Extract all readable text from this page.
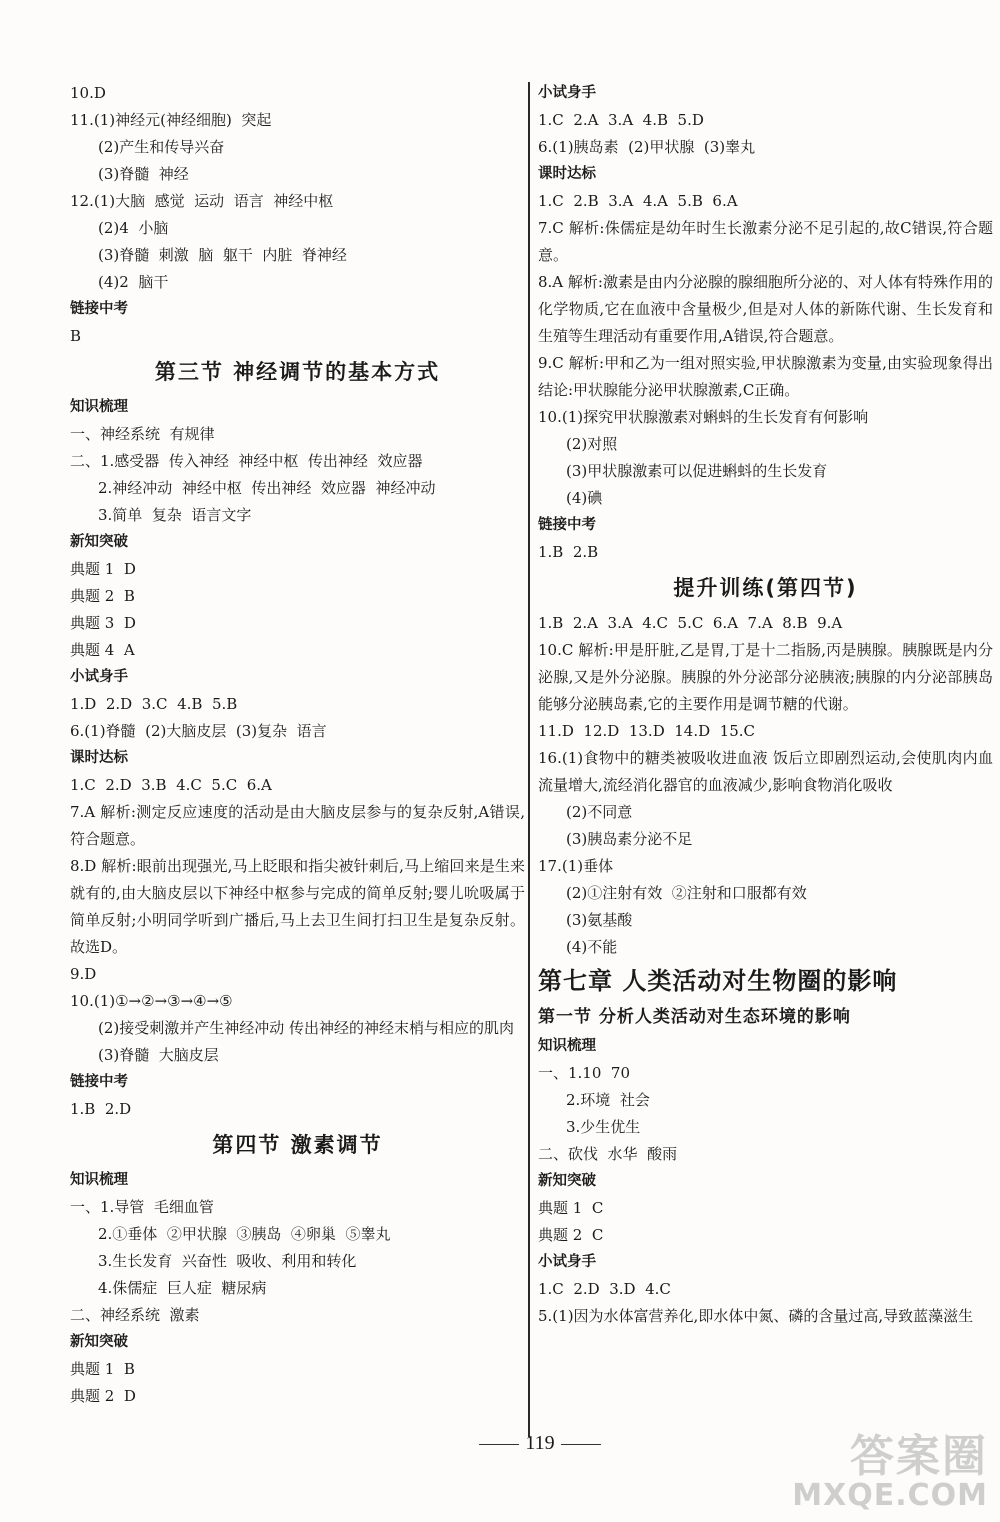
10.D
11.(1)神经元(神经细胞)  突起
(2)产生和传导兴奋
(3)脊髓  神经
12.(1)大脑  感觉  运动  语言  神经中枢
(2)4  小脑
(3)脊髓  刺激  脑  躯干  内脏  脊神经
(4)2  脑干
链接中考
B
第三节 神经调节的基本方式
知识梳理
一、神经系统  有规律
二、1.感受器  传入神经  神经中枢  传出神经  效应器
2.神经冲动  神经中枢  传出神经  效应器  神经冲动
3.简单  复杂  语言文字
新知突破
典题 1  D
典题 2  B
典题 3  D
典题 4  A
小试身手
1.D  2.D  3.C  4.B  5.B
6.(1)脊髓  (2)大脑皮层  (3)复杂  语言
课时达标
1.C  2.D  3.B  4.C  5.C  6.A
7.A 解析:测定反应速度的活动是由大脑皮层参与的复杂反射,A错误,符合题意。
8.D 解析:眼前出现强光,马上眨眼和指尖被针刺后,马上缩回来是生来就有的,由大脑皮层以下神经中枢参与完成的简单反射;婴儿吮吸属于简单反射;小明同学听到广播后,马上去卫生间打扫卫生是复杂反射。故选D。
9.D
10.(1)①→②→③→④→⑤
(2)接受刺激并产生神经冲动 传出神经的神经末梢与相应的肌肉
(3)脊髓  大脑皮层
链接中考
1.B  2.D
第四节 激素调节
知识梳理
一、1.导管  毛细血管
2.①垂体  ②甲状腺  ③胰岛  ④卵巢  ⑤睾丸
3.生长发育  兴奋性  吸收、利用和转化
4.侏儒症  巨人症  糖尿病
二、神经系统  激素
新知突破
典题 1  B
典题 2  D
小试身手
1.C  2.A  3.A  4.B  5.D
6.(1)胰岛素  (2)甲状腺  (3)睾丸
课时达标
1.C  2.B  3.A  4.A  5.B  6.A
7.C 解析:侏儒症是幼年时生长激素分泌不足引起的,故C错误,符合题意。
8.A 解析:激素是由内分泌腺的腺细胞所分泌的、对人体有特殊作用的化学物质,它在血液中含量极少,但是对人体的新陈代谢、生长发育和生殖等生理活动有重要作用,A错误,符合题意。
9.C 解析:甲和乙为一组对照实验,甲状腺激素为变量,由实验现象得出结论:甲状腺能分泌甲状腺激素,C正确。
10.(1)探究甲状腺激素对蝌蚪的生长发育有何影响
(2)对照
(3)甲状腺激素可以促进蝌蚪的生长发育
(4)碘
链接中考
1.B  2.B
提升训练(第四节)
1.B  2.A  3.A  4.C  5.C  6.A  7.A  8.B  9.A
10.C 解析:甲是肝脏,乙是胃,丁是十二指肠,丙是胰腺。胰腺既是内分泌腺,又是外分泌腺。胰腺的外分泌部分泌胰液;胰腺的内分泌部胰岛能够分泌胰岛素,它的主要作用是调节糖的代谢。
11.D  12.D  13.D  14.D  15.C
16.(1)食物中的糖类被吸收进血液 饭后立即剧烈运动,会使肌肉内血流量增大,流经消化器官的血液减少,影响食物消化吸收
(2)不同意
(3)胰岛素分泌不足
17.(1)垂体
(2)①注射有效  ②注射和口服都有效
(3)氨基酸
(4)不能
第七章 人类活动对生物圈的影响
第一节 分析人类活动对生态环境的影响
知识梳理
一、1.10  70
2.环境  社会
3.少生优生
二、砍伐  水华  酸雨
新知突破
典题 1  C
典题 2  C
小试身手
1.C  2.D  3.D  4.C
5.(1)因为水体富营养化,即水体中氮、磷的含量过高,导致蓝藻滋生
119	答案圈
MXQE.COM
